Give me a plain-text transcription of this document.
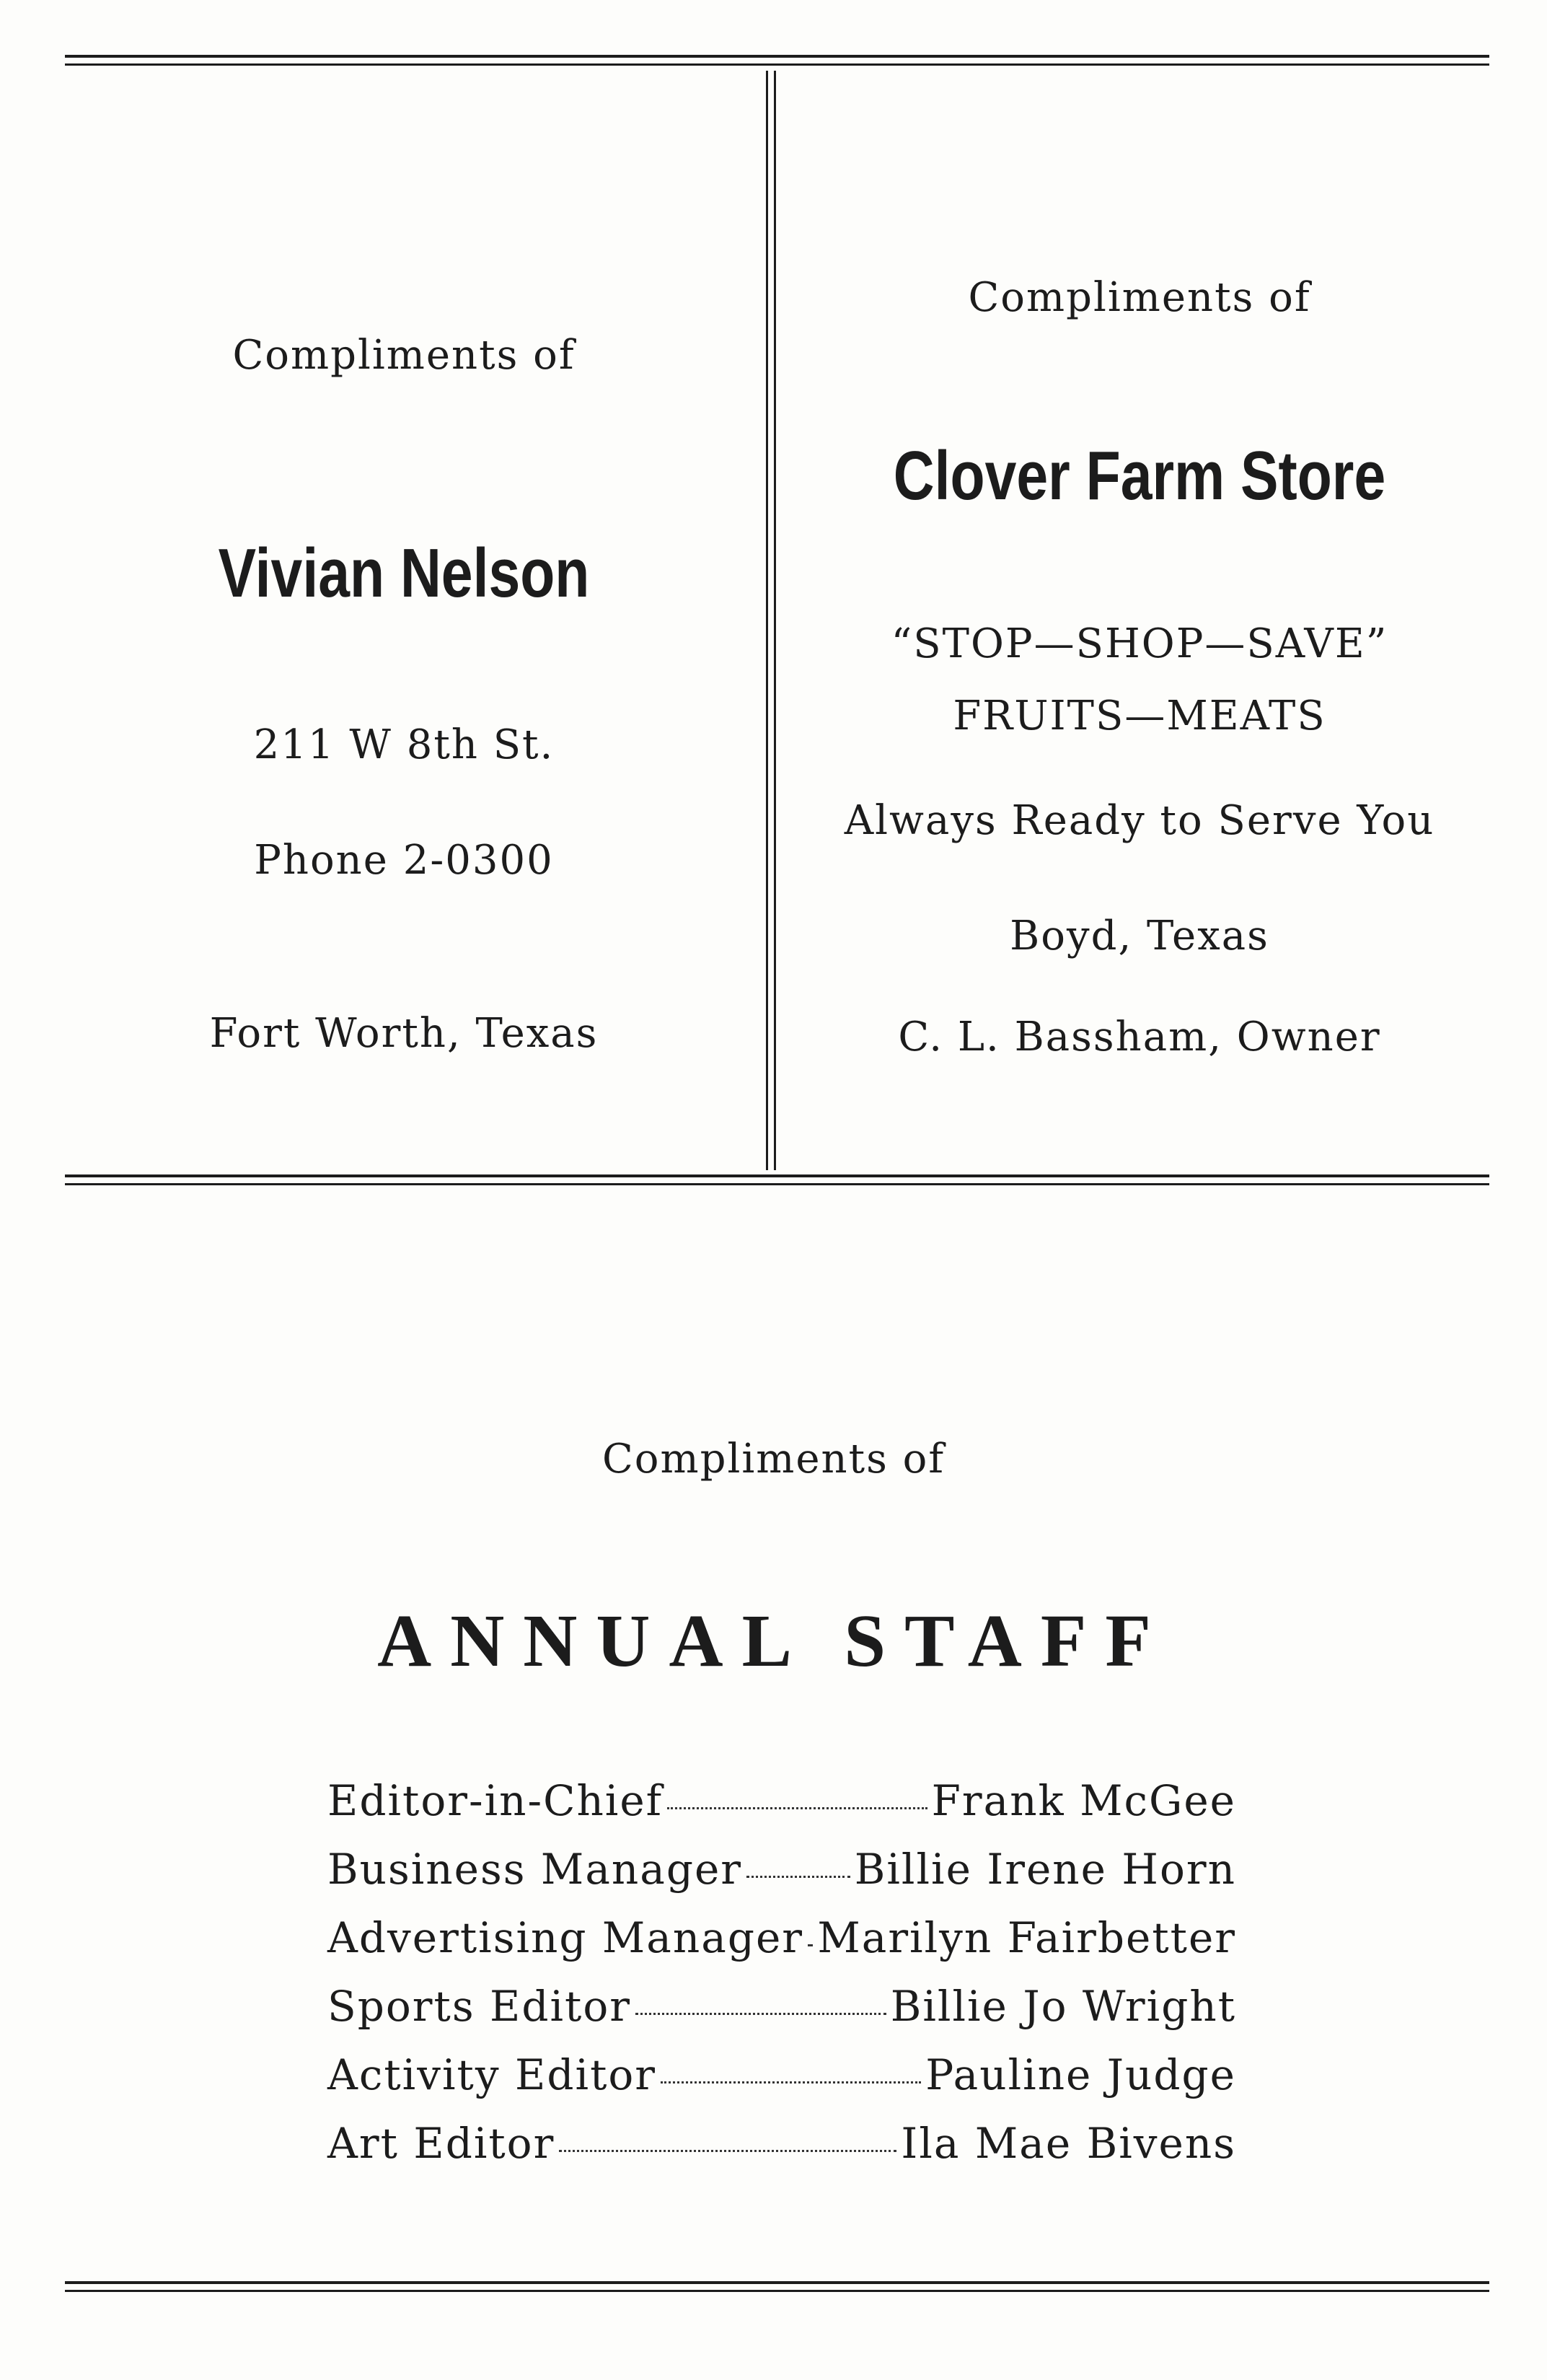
Compliments of
Vivian Nelson
211 W 8th St.
Phone 2-0300
Fort Worth, Texas
Compliments of
Clover Farm Store
“STOP—SHOP—SAVE”
FRUITS—MEATS
Always Ready to Serve You
Boyd, Texas
C. L. Bassham, Owner
Compliments of
ANNUAL STAFF
Editor-in-Chief	Frank McGee
Business Manager	Billie Irene Horn
Advertising Manager Marilyn Fairbetter
Sports Editor	Billie Jo Wright
Activity Editor	Pauline Judge
Art Editor	Ila Mae Bivens
